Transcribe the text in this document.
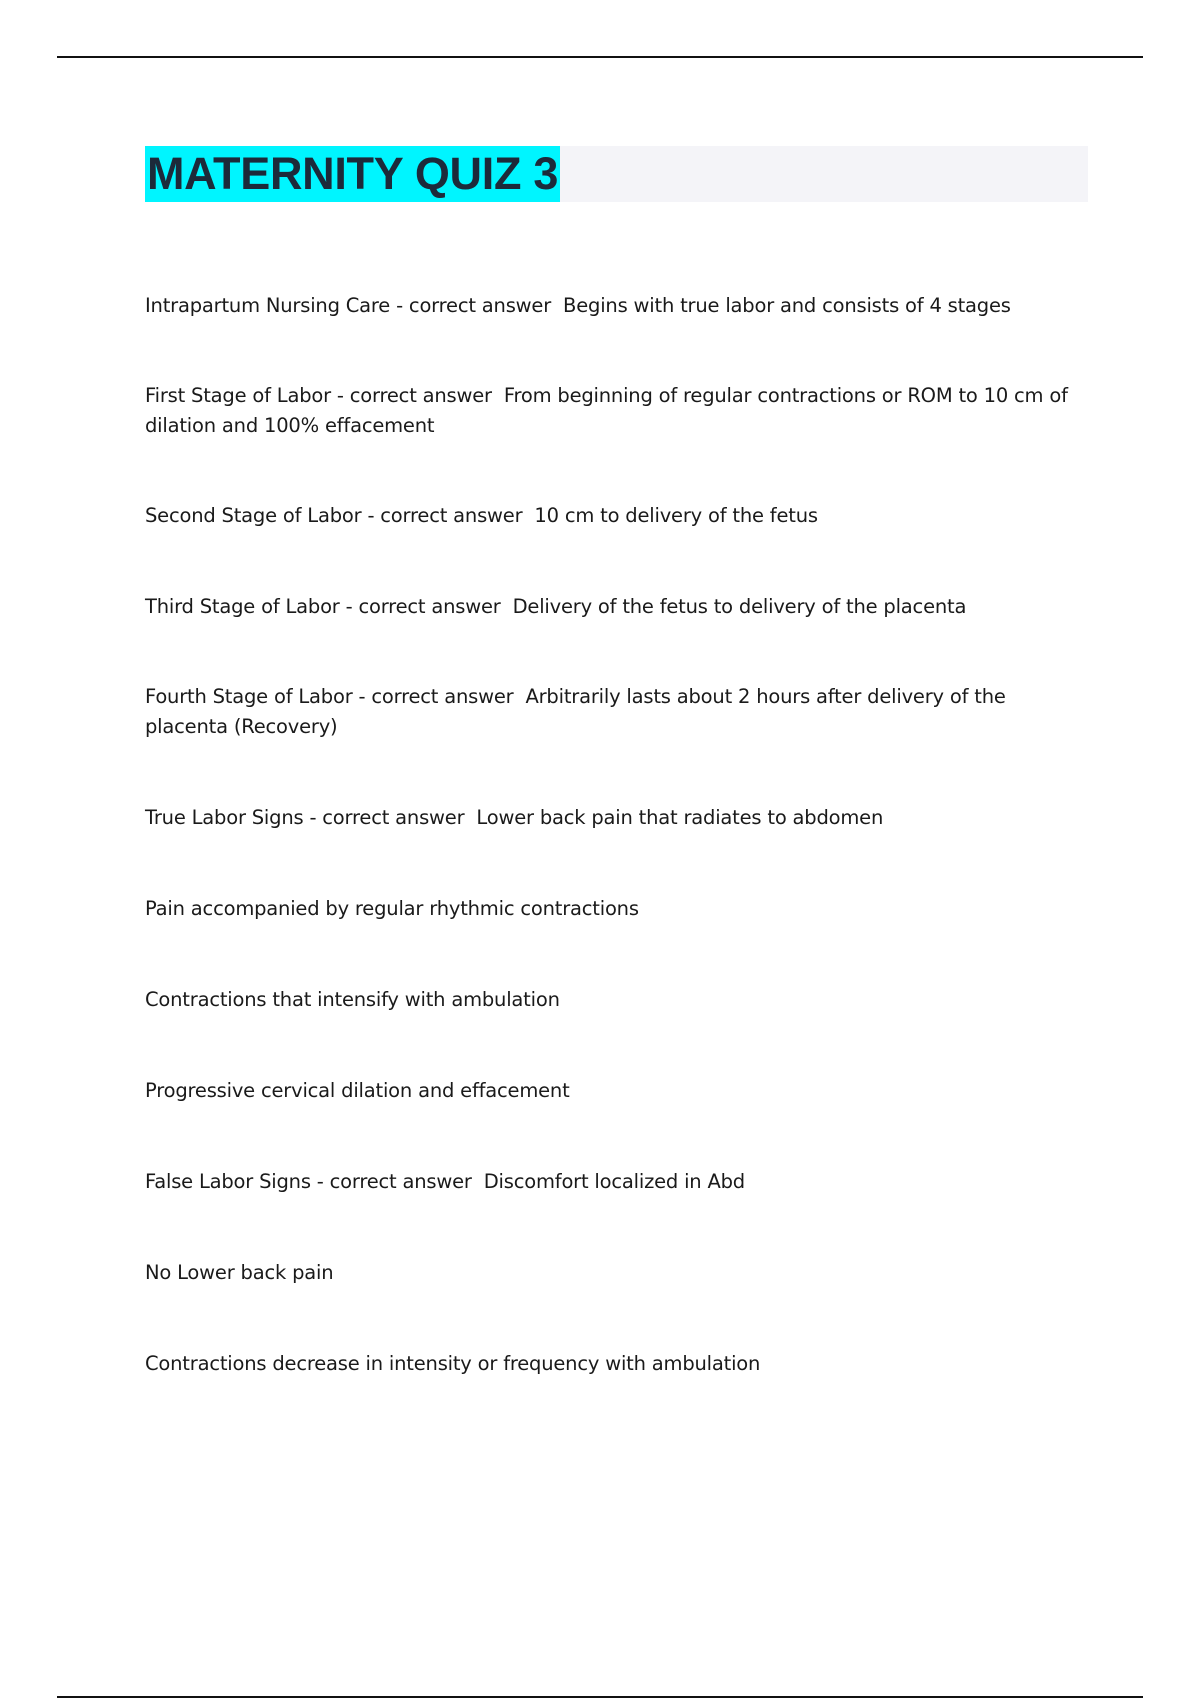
MATERNITY QUIZ 3
Intrapartum Nursing Care - correct answer  Begins with true labor and consists of 4 stages
First Stage of Labor - correct answer  From beginning of regular contractions or ROM to 10 cm of dilation and 100% effacement
Second Stage of Labor - correct answer  10 cm to delivery of the fetus
Third Stage of Labor - correct answer  Delivery of the fetus to delivery of the placenta
Fourth Stage of Labor - correct answer  Arbitrarily lasts about 2 hours after delivery of the placenta (Recovery)
True Labor Signs - correct answer  Lower back pain that radiates to abdomen
Pain accompanied by regular rhythmic contractions
Contractions that intensify with ambulation
Progressive cervical dilation and effacement
False Labor Signs - correct answer  Discomfort localized in Abd
No Lower back pain
Contractions decrease in intensity or frequency with ambulation
